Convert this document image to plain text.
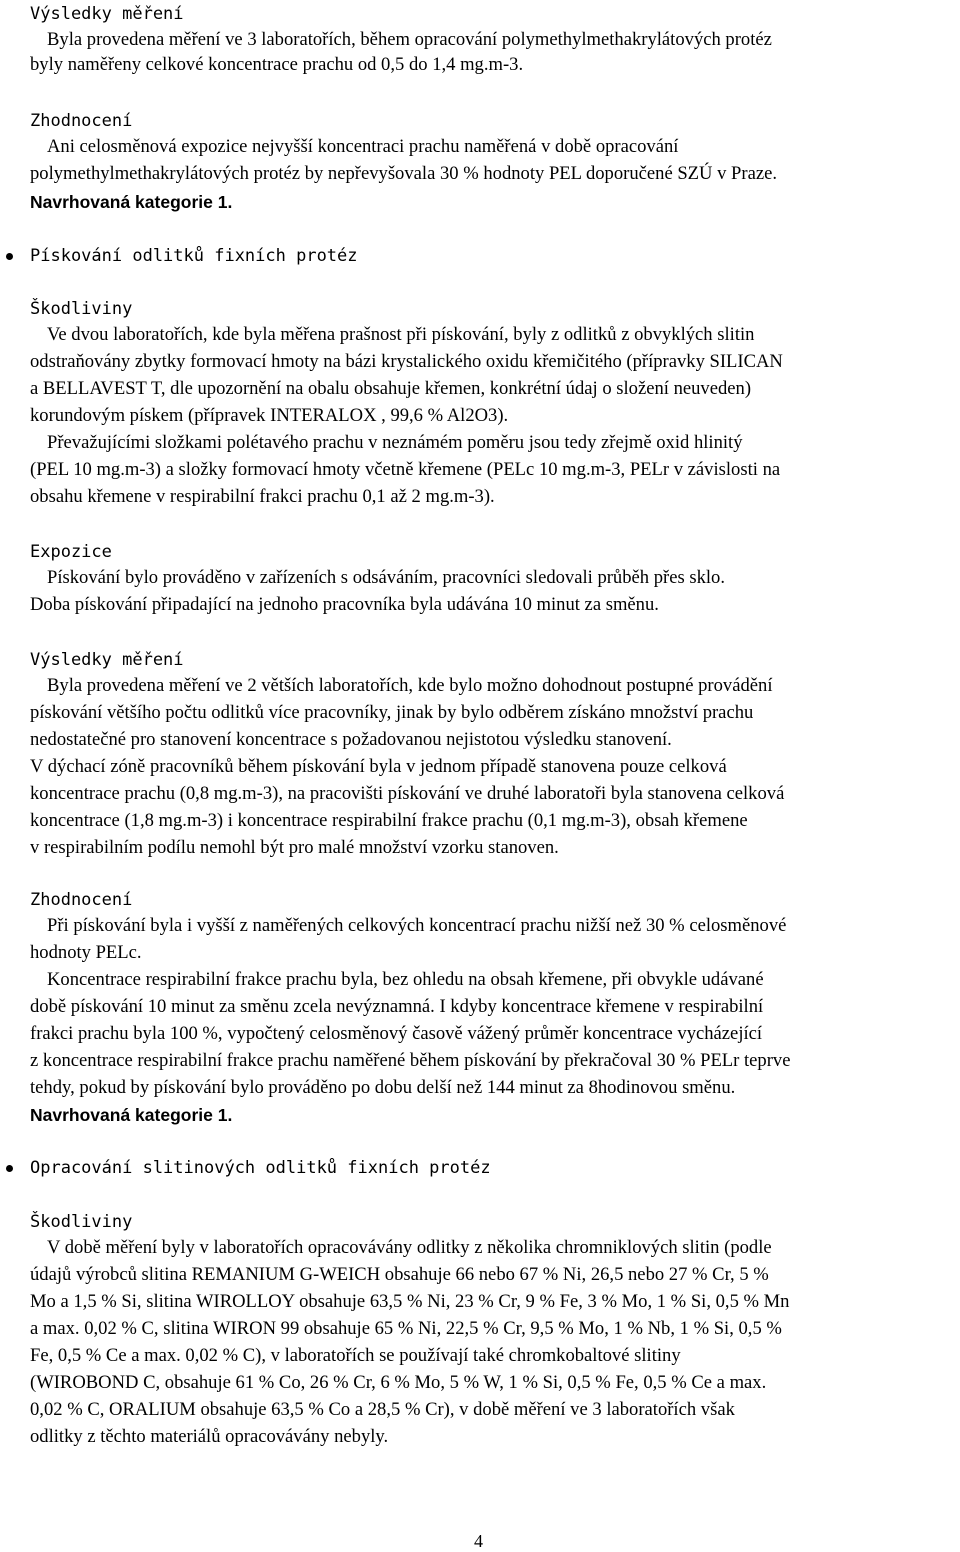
Výsledky měření
Byla provedena měření ve 3 laboratořích, během opracování polymethylmethakrylátových protéz
byly naměřeny celkové koncentrace prachu od 0,5 do 1,4 mg.m-3.
Zhodnocení
Ani celosměnová expozice nejvyšší koncentraci prachu naměřená v době opracování
polymethylmethakrylátových protéz by nepřevyšovala 30 % hodnoty PEL doporučené SZÚ v Praze.
Navrhovaná kategorie 1.
Pískování odlitků fixních protéz
Škodliviny
Ve dvou laboratořích, kde byla měřena prašnost při pískování, byly z odlitků z obvyklých slitin
odstraňovány zbytky formovací hmoty na bázi krystalického oxidu křemičitého (přípravky SILICAN
a BELLAVEST T, dle upozornění na obalu obsahuje křemen, konkrétní údaj o složení neuveden)
korundovým pískem (přípravek INTERALOX , 99,6 % Al2O3).
Převažujícími složkami polétavého prachu v neznámém poměru jsou tedy zřejmě oxid hlinitý
(PEL 10 mg.m-3) a složky formovací hmoty včetně křemene (PELc 10 mg.m-3, PELr v závislosti na
obsahu křemene v respirabilní frakci prachu 0,1 až 2 mg.m-3).
Expozice
Pískování bylo prováděno v zařízeních s odsáváním, pracovníci sledovali průběh přes sklo.
Doba pískování připadající na jednoho pracovníka byla udávána 10 minut za směnu.
Výsledky měření
Byla provedena měření ve 2 větších laboratořích, kde bylo možno dohodnout postupné provádění
pískování většího počtu odlitků více pracovníky, jinak by bylo odběrem získáno množství prachu
nedostatečné pro stanovení koncentrace s požadovanou nejistotou výsledku stanovení.
V dýchací zóně pracovníků během pískování byla v jednom případě stanovena pouze celková
koncentrace prachu (0,8 mg.m-3), na pracovišti pískování ve druhé laboratoři byla stanovena celková
koncentrace (1,8 mg.m-3) i koncentrace respirabilní frakce prachu (0,1 mg.m-3), obsah křemene
v respirabilním podílu nemohl být pro malé množství vzorku stanoven.
Zhodnocení
Při pískování byla i vyšší z naměřených celkových koncentrací prachu nižší než 30 % celosměnové
hodnoty PELc.
Koncentrace respirabilní frakce prachu byla, bez ohledu na obsah křemene, při obvykle udávané
době pískování 10 minut za směnu zcela nevýznamná. I kdyby koncentrace křemene v respirabilní
frakci prachu byla 100 %, vypočtený celosměnový časově vážený průměr koncentrace vycházející
z koncentrace respirabilní frakce prachu naměřené během pískování by překračoval 30 % PELr teprve
tehdy, pokud by pískování bylo prováděno po dobu delší než 144 minut za 8hodinovou směnu.
Navrhovaná kategorie 1.
Opracování slitinových odlitků fixních protéz
Škodliviny
V době měření byly v laboratořích opracovávány odlitky z několika chromniklových slitin (podle
údajů výrobců slitina REMANIUM G-WEICH obsahuje 66 nebo 67 % Ni, 26,5 nebo 27 % Cr, 5 %
Mo a 1,5 % Si, slitina WIROLLOY obsahuje 63,5 % Ni, 23 % Cr, 9 % Fe, 3 % Mo, 1 % Si, 0,5 % Mn
a max. 0,02 % C, slitina WIRON 99 obsahuje 65 % Ni, 22,5 % Cr, 9,5 % Mo, 1 % Nb, 1 % Si, 0,5 %
Fe, 0,5 % Ce a max. 0,02 % C), v laboratořích se používají také chromkobaltové slitiny
(WIROBOND C, obsahuje 61 % Co, 26 % Cr, 6 % Mo, 5 % W, 1 % Si, 0,5 % Fe, 0,5 % Ce a max.
0,02 % C, ORALIUM obsahuje 63,5 % Co a 28,5 % Cr), v době měření ve 3 laboratořích však
odlitky z těchto materiálů opracovávány nebyly.
4
